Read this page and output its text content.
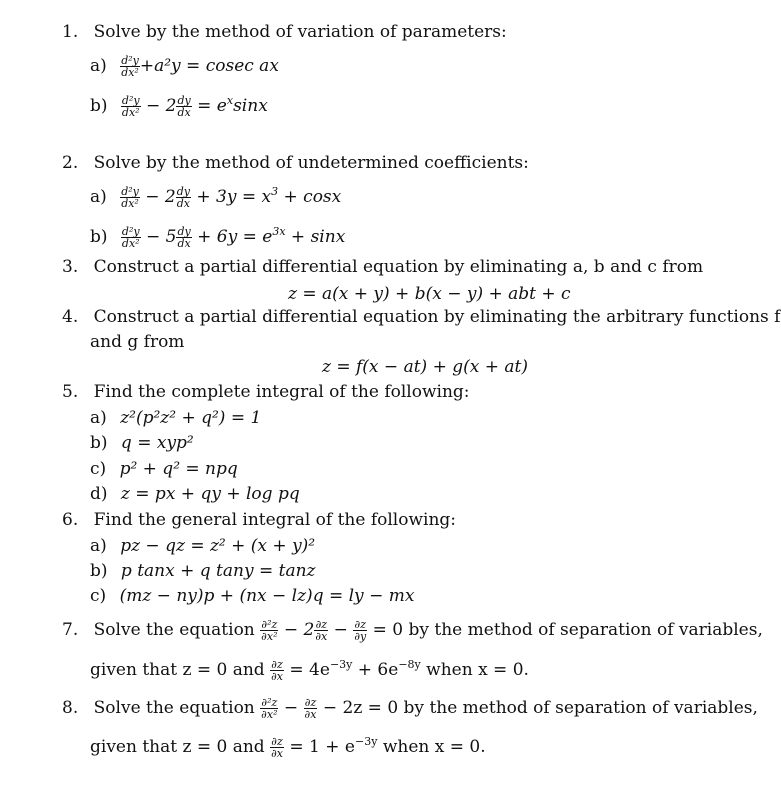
1. Solve by the method of variation of parameters:
$a) \frac{\text{d²y}}{\text{dx²}} +a^2y = cosec$ ax
$b) \frac{\text{d²y}}{\text{dx²}} - 2 \frac{dy}{dx} = e^x\sin x$
2. Solve by the method of undetermined coefficients:
$a) \frac{\text{d²y}}{\text{dx²}} - 2 \frac{dy}{dx} + 3y = x^3 + \cos x$
$b) \frac{\text{d²y}}{\text{dx²}} - 5 \frac{dy}{dx} + 6y = e^{3x} + \sin x$
3. Construct a partial differential equation by eliminating a, b and c from
z = a(x + y) + b(x − y) + abt + c
4. Construct a partial differential equation by eliminating the arbitrary functions f
and g from
z = f(x − at) + g(x + at)
5. Find the complete integral of the following:
a) z²(p²z² + q²) = 1
b) q = xyp²
c) p² + q² = npq
d) z = px + qy + log pq
6. Find the general integral of the following:
a) pz − qz = z² + (x + y)²
b) p tanx + q tany = tanz
c) (mz − ny)p + (nx − lz)q = ly − mx
7. Solve the equation $\frac{\text{∂²z}}{\text{∂x²}} - 2 \frac{\partial z}{\partial x} - \frac{\partial z}{\partial y} = 0$ by the method of separation of variables,
given that z = 0 and $\frac{\partial z}{\partial x} = 4e^{-3y} + 6e^{-8y}$ when x = 0.
8. Solve the equation $\frac{\text{∂²z}}{\text{∂x²}} - \frac{\partial z}{\partial x} - 2z = 0$ by the method of separation of variables,
given that z = 0 and $\frac{\partial z}{\partial x} = 1 + e^{-3y}$ when x = 0.
